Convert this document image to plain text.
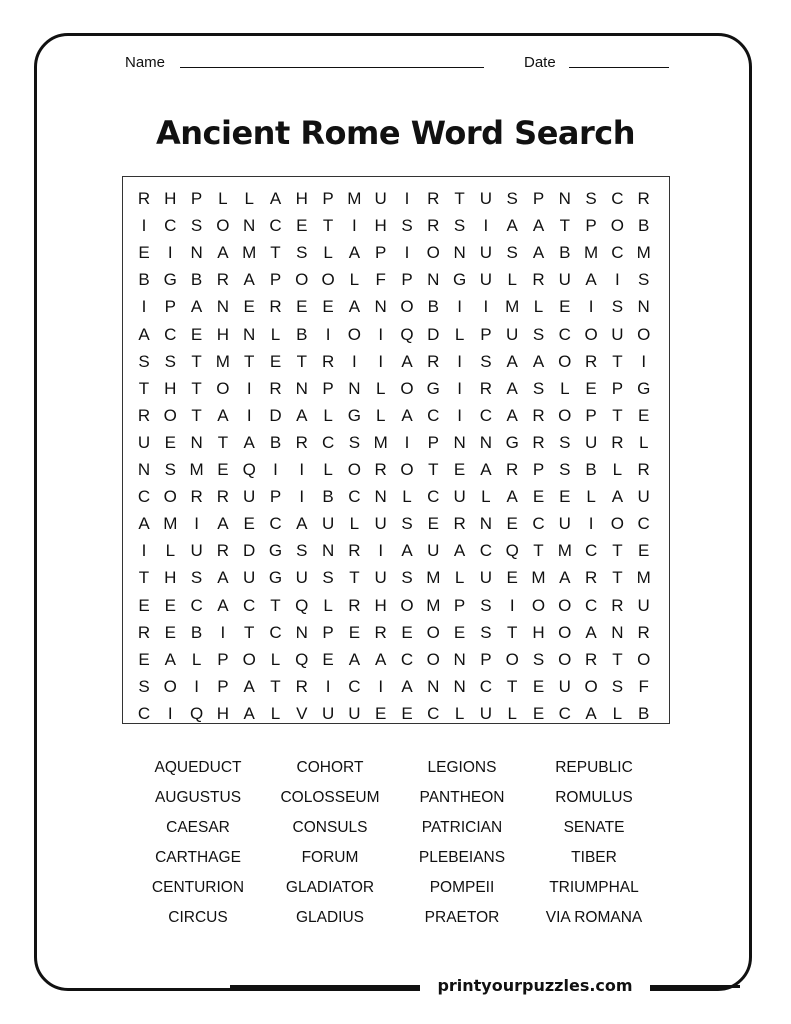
Name	Date
Ancient Rome Word Search
R H P L L A H P M U	I	R T U S P N S C R
I	C S O N C E T	I	H S R S	I	A A T P O B
E	I	N A M T S L A P	I	O N U S A B M C M
B G B R A P O O L F P N G U L R U A	I	S
I	P A N E R E E A N O B	I	I M L E	I	S N
A C E H N L B	I	O	I	Q D L P U S C O U O
S S T M T E T R	I	I	A R	I	S A A O R T	I
T H T O	I	R N P N L O G	I	R A S L E P G
R O T A	I	D A L G L A C	I	C A R O P T E
U E N T A B R C S M I	P N N G R S U R L
N S M E Q	I	I	L O R O T E A R P S B L R
C O R R U P	I	B C N L C U L A E E L A U
A M I	A E C A U L U S E R N E C U	I	O C
I	L U R D G S N R	I	A U A C Q T M C T E
T H S A U G U S T U S M L U E M A R T M
E E C A C T Q L R H O M P S	I	O O C R U
R E B	I	T C N P E R E O E S T H O A N R
E A L P O L Q E A A C O N P O S O R T O
S O	I	P A T R	I	C	I	A N N C T E U O S F
C	I	Q H A L V U U E E C L U L E C A L B
AQUEDUCT	COHORT	LEGIONS	REPUBLIC
AUGUSTUS	COLOSSEUM	PANTHEON	ROMULUS
CAESAR	CONSULS	PATRICIAN	SENATE
CARTHAGE	FORUM	PLEBEIANS	TIBER
CENTURION	GLADIATOR	POMPEII	TRIUMPHAL
CIRCUS	GLADIUS	PRAETOR	VIA ROMANA
printyourpuzzles.com
